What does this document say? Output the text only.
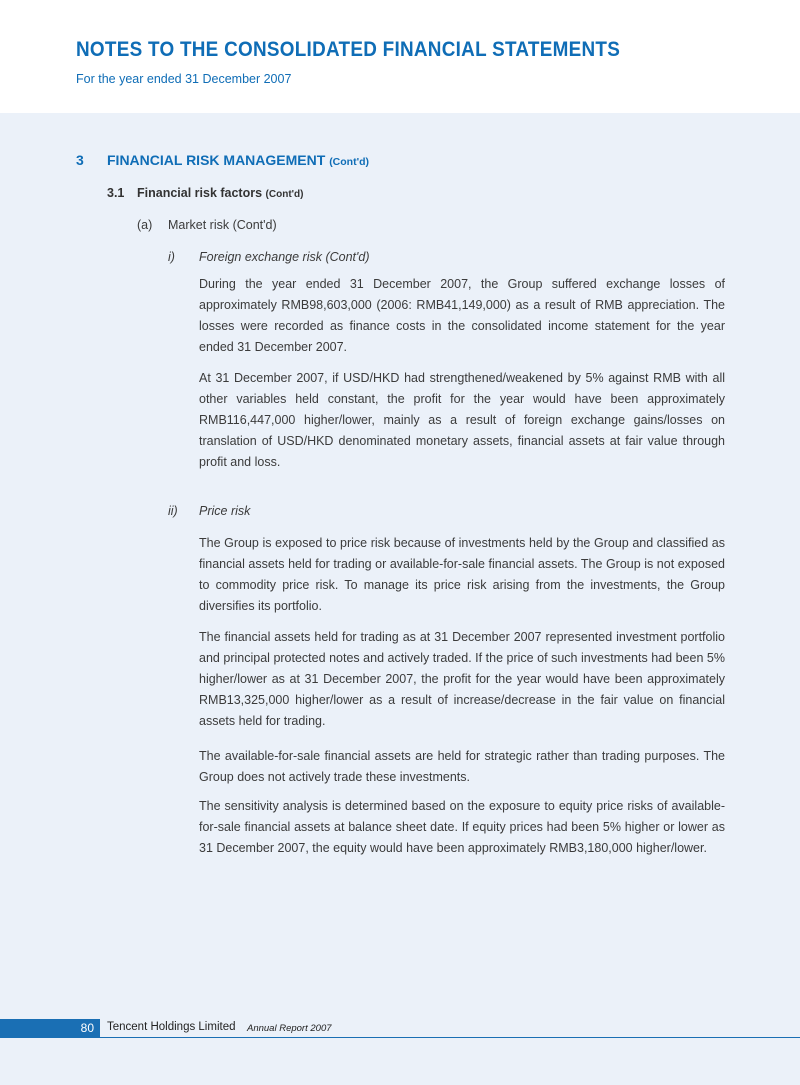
NOTES TO THE CONSOLIDATED FINANCIAL STATEMENTS
For the year ended 31 December 2007
3 FINANCIAL RISK MANAGEMENT (Cont'd)
3.1 Financial risk factors (Cont'd)
(a) Market risk (Cont'd)
i) Foreign exchange risk (Cont'd)

During the year ended 31 December 2007, the Group suffered exchange losses of approximately RMB98,603,000 (2006: RMB41,149,000) as a result of RMB appreciation. The losses were recorded as finance costs in the consolidated income statement for the year ended 31 December 2007.

At 31 December 2007, if USD/HKD had strengthened/weakened by 5% against RMB with all other variables held constant, the profit for the year would have been approximately RMB116,447,000 higher/lower, mainly as a result of foreign exchange gains/losses on translation of USD/HKD denominated monetary assets, financial assets at fair value through profit and loss.

ii) Price risk

The Group is exposed to price risk because of investments held by the Group and classified as financial assets held for trading or available-for-sale financial assets. The Group is not exposed to commodity price risk. To manage its price risk arising from the investments, the Group diversifies its portfolio.

The financial assets held for trading as at 31 December 2007 represented investment portfolio and principal protected notes and actively traded. If the price of such investments had been 5% higher/lower as at 31 December 2007, the profit for the year would have been approximately RMB13,325,000 higher/lower as a result of increase/decrease in the fair value on financial assets held for trading.

The available-for-sale financial assets are held for strategic rather than trading purposes. The Group does not actively trade these investments.

The sensitivity analysis is determined based on the exposure to equity price risks of available-for-sale financial assets at balance sheet date. If equity prices had been 5% higher or lower as 31 December 2007, the equity would have been approximately RMB3,180,000 higher/lower.

80 Tencent Holdings Limited Annual Report 2007
